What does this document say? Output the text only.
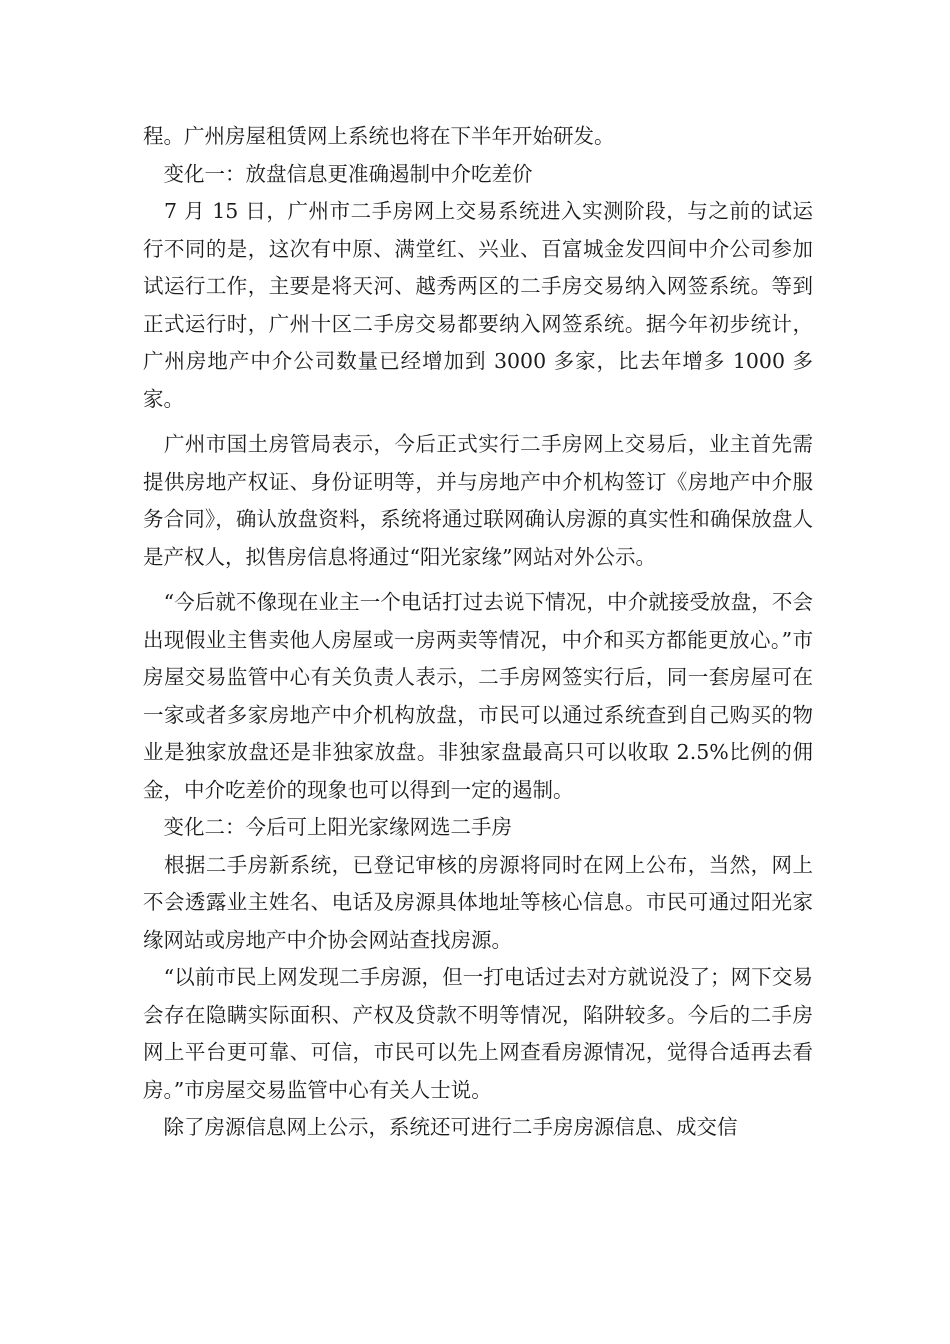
程。广州房屋租赁网上系统也将在下半年开始研发。

　变化一：放盘信息更准确遏制中介吃差价

　7 月 15 日，广州市二手房网上交易系统进入实测阶段，与之前的试运行不同的是，这次有中原、满堂红、兴业、百富城金发四间中介公司参加试运行工作，主要是将天河、越秀两区的二手房交易纳入网签系统。等到正式运行时，广州十区二手房交易都要纳入网签系统。据今年初步统计，广州房地产中介公司数量已经增加到 3000 多家，比去年增多 1000 多家。

　广州市国土房管局表示，今后正式实行二手房网上交易后，业主首先需提供房地产权证、身份证明等，并与房地产中介机构签订《房地产中介服务合同》，确认放盘资料，系统将通过联网确认房源的真实性和确保放盘人是产权人，拟售房信息将通过“阳光家缘”网站对外公示。

　“今后就不像现在业主一个电话打过去说下情况，中介就接受放盘，不会出现假业主售卖他人房屋或一房两卖等情况，中介和买方都能更放心。”市房屋交易监管中心有关负责人表示，二手房网签实行后，同一套房屋可在一家或者多家房地产中介机构放盘，市民可以通过系统查到自己购买的物业是独家放盘还是非独家放盘。非独家盘最高只可以收取 2.5%比例的佣金，中介吃差价的现象也可以得到一定的遏制。

　变化二：今后可上阳光家缘网选二手房

　根据二手房新系统，已登记审核的房源将同时在网上公布，当然，网上不会透露业主姓名、电话及房源具体地址等核心信息。市民可通过阳光家缘网站或房地产中介协会网站查找房源。

　“以前市民上网发现二手房源，但一打电话过去对方就说没了；网下交易会存在隐瞒实际面积、产权及贷款不明等情况，陷阱较多。今后的二手房网上平台更可靠、可信，市民可以先上网查看房源情况，觉得合适再去看房。”市房屋交易监管中心有关人士说。

　除了房源信息网上公示，系统还可进行二手房房源信息、成交信
